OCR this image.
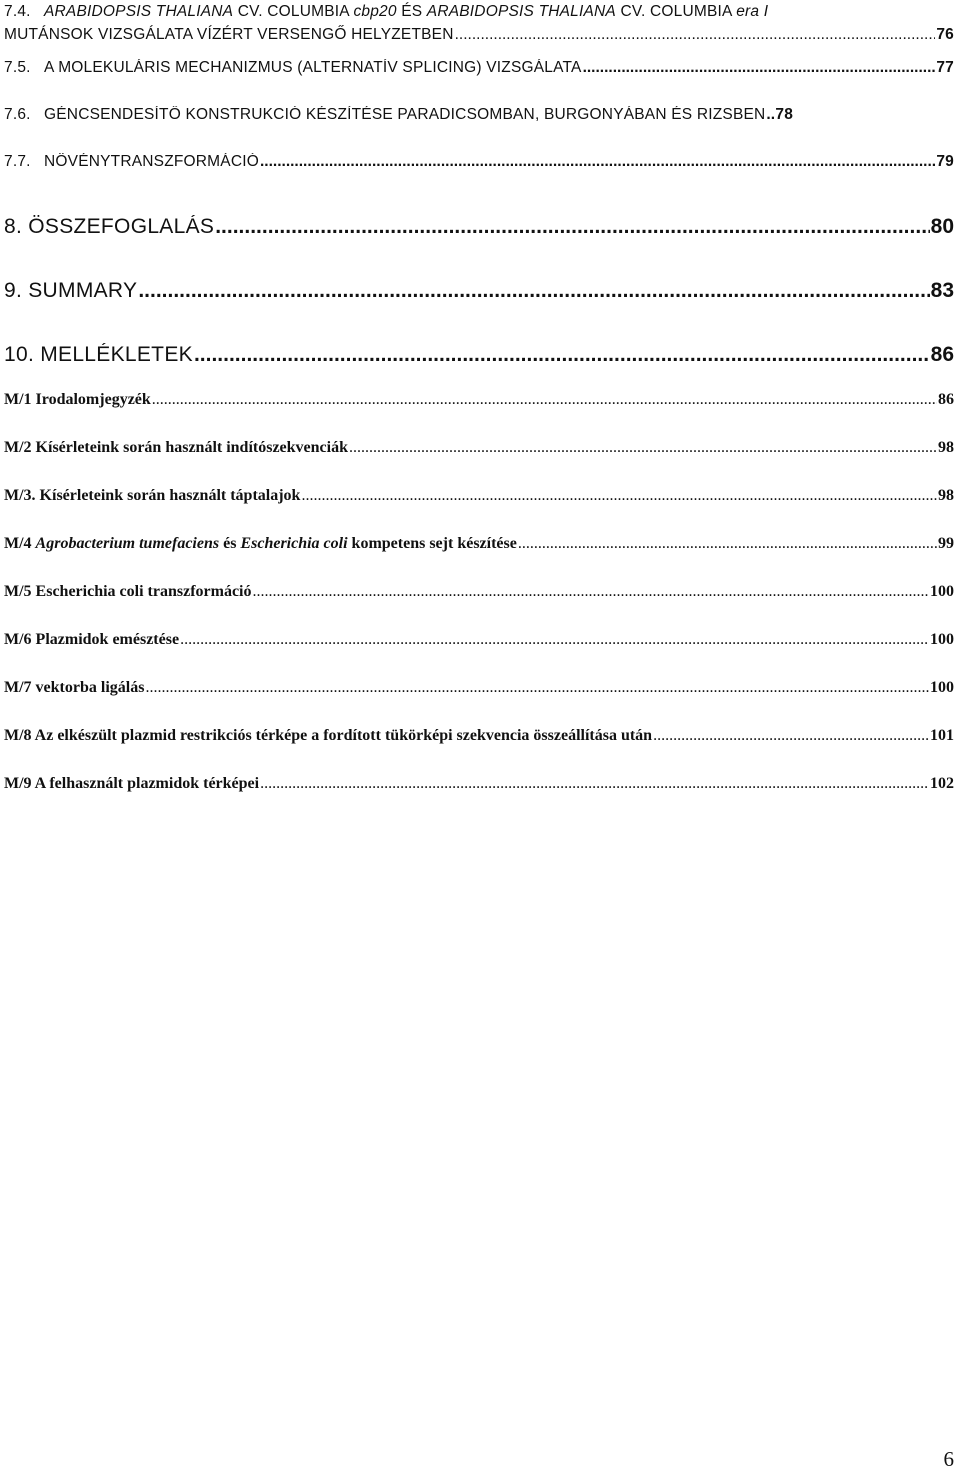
7.4. ARABIDOPSIS THALIANA CV. COLUMBIA cbp20 ÉS ARABIDOPSIS THALIANA CV. COLUMBIA era I
MUTÁNSOK VIZSGÁLATA VÍZÉRT VERSENGŐ HELYZETBEN .....	76
7.5. A MOLEKULÁRIS MECHANIZMUS (ALTERNATÍV SPLICING) VIZSGÁLATA .....	77
7.6. GÉNCSENDESÍTŐ KONSTRUKCIÓ KÉSZÍTÉSE PARADICSOMBAN, BURGONYÁBAN ÉS RIZSBEN ..... 78
7.7. NÖVÉNYTRANSZFORMÁCIÓ .....	79
8. ÖSSZEFOGLALÁS .....	80
9. SUMMARY .....	83
10. MELLÉKLETEK .....	86
M/1 Irodalomjegyzék .....	86
M/2 Kísérleteink során használt indítószekvenciák .....	98
M/3. Kísérleteink során használt táptalajok .....	98
M/4 Agrobacterium tumefaciens és Escherichia coli kompetens sejt készítése .....	99
M/5 Escherichia coli transzformáció .....	100
M/6 Plazmidok emésztése .....	100
M/7 vektorba ligálás .....	100
M/8 Az elkészült plazmid restrikciós térképe a fordított tükörképi szekvencia összeállítása után .....	101
M/9 A felhasznált plazmidok térképei .....	102
6
